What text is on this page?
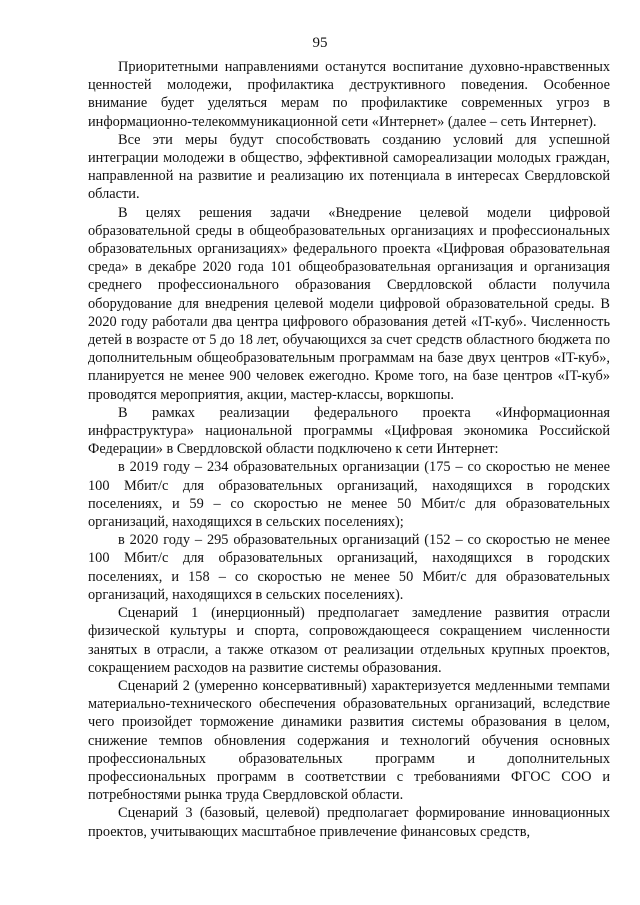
95

Приоритетными направлениями останутся воспитание духовно-нравственных ценностей молодежи, профилактика деструктивного поведения. Особенное внимание будет уделяться мерам по профилактике современных угроз в информационно-телекоммуникационной сети «Интернет» (далее – сеть Интернет).

Все эти меры будут способствовать созданию условий для успешной интеграции молодежи в общество, эффективной самореализации молодых граждан, направленной на развитие и реализацию их потенциала в интересах Свердловской области.

В целях решения задачи «Внедрение целевой модели цифровой образовательной среды в общеобразовательных организациях и профессиональных образовательных организациях» федерального проекта «Цифровая образовательная среда» в декабре 2020 года 101 общеобразовательная организация и организация среднего профессионального образования Свердловской области получила оборудование для внедрения целевой модели цифровой образовательной среды. В 2020 году работали два центра цифрового образования детей «IT-куб». Численность детей в возрасте от 5 до 18 лет, обучающихся за счет средств областного бюджета по дополнительным общеобразовательным программам на базе двух центров «IT-куб», планируется не менее 900 человек ежегодно. Кроме того, на базе центров «IT-куб» проводятся мероприятия, акции, мастер-классы, воркшопы.

В рамках реализации федерального проекта «Информационная инфраструктура» национальной программы «Цифровая экономика Российской Федерации» в Свердловской области подключено к сети Интернет:

в 2019 году – 234 образовательных организации (175 – со скоростью не менее 100 Мбит/с для образовательных организаций, находящихся в городских поселениях, и 59 – со скоростью не менее 50 Мбит/с для образовательных организаций, находящихся в сельских поселениях);

в 2020 году – 295 образовательных организаций (152 – со скоростью не менее 100 Мбит/с для образовательных организаций, находящихся в городских поселениях, и 158 – со скоростью не менее 50 Мбит/с для образовательных организаций, находящихся в сельских поселениях).

Сценарий 1 (инерционный) предполагает замедление развития отрасли физической культуры и спорта, сопровождающееся сокращением численности занятых в отрасли, а также отказом от реализации отдельных крупных проектов, сокращением расходов на развитие системы образования.

Сценарий 2 (умеренно консервативный) характеризуется медленными темпами материально-технического обеспечения образовательных организаций, вследствие чего произойдет торможение динамики развития системы образования в целом, снижение темпов обновления содержания и технологий обучения основных профессиональных образовательных программ и дополнительных профессиональных программ в соответствии с требованиями ФГОС СОО и потребностями рынка труда Свердловской области.

Сценарий 3 (базовый, целевой) предполагает формирование инновационных проектов, учитывающих масштабное привлечение финансовых средств,
